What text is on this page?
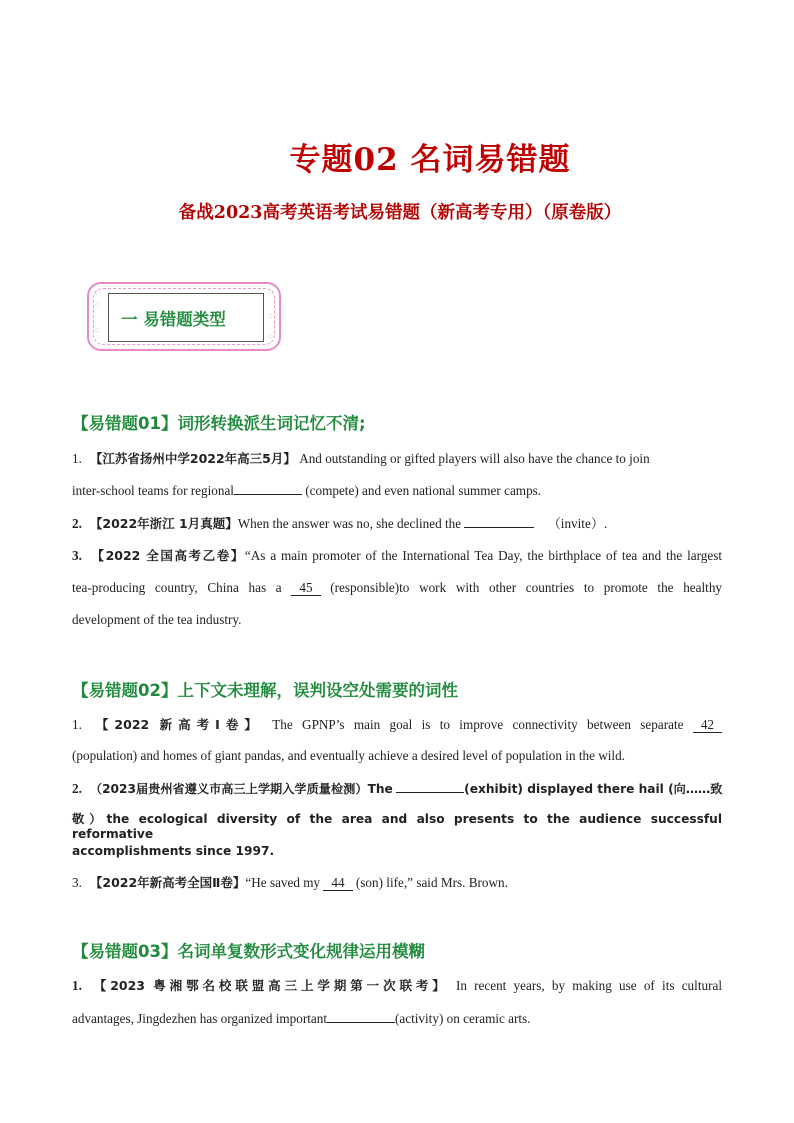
专题02 名词易错题
备战2023高考英语考试易错题（新高考专用）（原卷版）
♡
♡
♡
♡
♡
♡
一 易错题类型
【易错题01】词形转换派生词记忆不清;
1. 【江苏省扬州中学2022年高三5月】 And outstanding or gifted players will also have the chance to join
inter-school teams for regional	(compete) and even national summer camps.
2. 【2022年浙江 1月真题】When the answer was no, she declined the	（invite）.
3. 【2022 全国高考乙卷】“As a main promoter of the International Tea Day, the birthplace of tea and the largest
tea-producing country, China has a 45 (responsible)to work with other countries to promote the healthy
development of the tea industry.
【易错题02】上下文未理解，误判设空处需要的词性
1. 【2022 新高考Ⅰ卷】 The GPNP’s main goal is to improve connectivity between separate 42
(population) and homes of giant pandas, and eventually achieve a desired level of population in the wild.
2. （2023届贵州省遵义市高三上学期入学质量检测）The	(exhibit) displayed there hail (向……致
敬）the ecological diversity of the area and also presents to the audience successful reformative
accomplishments since 1997.
3. 【2022年新高考全国Ⅱ卷】“He saved my 44 (son) life,” said Mrs. Brown.
【易错题03】名词单复数形式变化规律运用模糊
1. 【2023 粤湘鄂名校联盟高三上学期第一次联考】 In recent years, by making use of its cultural
advantages, Jingdezhen has organized important	(activity) on ceramic arts.
